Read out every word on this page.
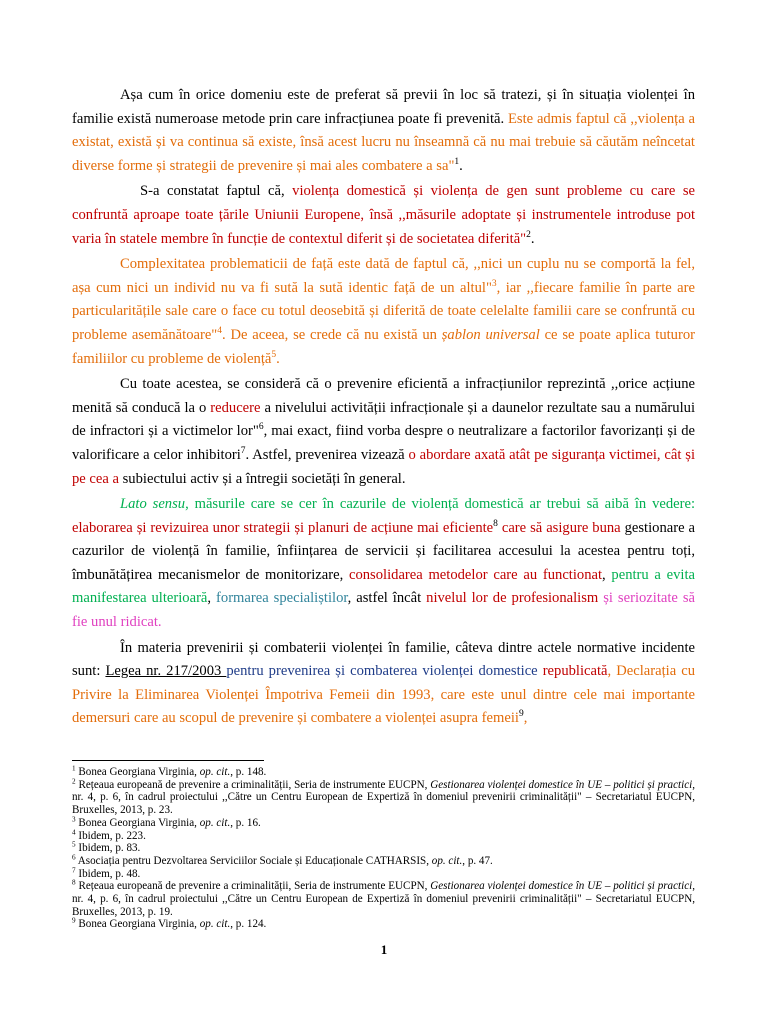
Așa cum în orice domeniu este de preferat să previi în loc să tratezi, și în situația violenței în familie există numeroase metode prin care infracțiunea poate fi prevenită. Este admis faptul că ,,violența a existat, există și va continua să existe, însă acest lucru nu înseamnă că nu mai trebuie să căutăm neîncetat diverse forme și strategii de prevenire și mai ales combatere a sa"$^1$.

S-a constatat faptul că, violența domestică și violența de gen sunt probleme cu care se confruntă aproape toate țările Uniunii Europene, însă ,,măsurile adoptate și instrumentele introduse pot varia în statele membre în funcție de contextul diferit și de societatea diferită"$^2$.

Complexitatea problematicii de față este dată de faptul că, ,,nici un cuplu nu se comportă la fel, așa cum nici un individ nu va fi sută la sută identic față de un altul"$^3$, iar ,,fiecare familie în parte are particularitățile sale care o face cu totul deosebită și diferită de toate celelalte familii care se confruntă cu probleme asemănătoare"$^4$. De aceea, se crede că nu există un șablon universal ce se poate aplica tuturor familiilor cu probleme de violență$^5$.

Cu toate acestea, se consideră că o prevenire eficientă a infracțiunilor reprezintă ,,orice acțiune menită să conducă la o reducere a nivelului activității infracționale și a daunelor rezultate sau a numărului de infractori și a victimelor lor"$^6$, mai exact, fiind vorba despre o neutralizare a factorilor favorizanți și de valorificare a celor inhibitori$^7$. Astfel, prevenirea vizează o abordare axată atât pe siguranța victimei, cât și pe cea a subiectului activ și a întregii societăți în general.

Lato sensu, măsurile care se cer în cazurile de violență domestică ar trebui să aibă în vedere: elaborarea și revizuirea unor strategii și planuri de acțiune mai eficiente$^8$ care să asigure buna gestionare a cazurilor de violență în familie, înființarea de servicii și facilitarea accesului la acestea pentru toți, îmbunătățirea mecanismelor de monitorizare, consolidarea metodelor care au functionat, pentru a evita manifestarea ulterioară, formarea specialiștilor, astfel încât nivelul lor de profesionalism și seriozitate să fie unul ridicat.

În materia prevenirii și combaterii violenței în familie, câteva dintre actele normative incidente sunt: Legea nr. 217/2003 pentru prevenirea și combaterea violenței domestice republicată, Declarația cu Privire la Eliminarea Violenței Împotriva Femeii din 1993, care este unul dintre cele mai importante demersuri care au scopul de prevenire și combatere a violenței asupra femeii$^9$,

$^1$ Bonea Georgiana Virginia, op. cit., p. 148.
$^2$ Rețeaua europeană de prevenire a criminalității, Seria de instrumente EUCPN, Gestionarea violenței domestice în UE – politici și practici, nr. 4, p. 6, în cadrul proiectului ,,Către un Centru European de Expertiză în domeniul prevenirii criminalității" – Secretariatul EUCPN, Bruxelles, 2013, p. 23.
$^3$ Bonea Georgiana Virginia, op. cit., p. 16.
$^4$ Ibidem, p. 223.
$^5$ Ibidem, p. 83.
$^6$ Asociația pentru Dezvoltarea Serviciilor Sociale și Educaționale CATHARSIS, op. cit., p. 47.
$^7$ Ibidem, p. 48.
$^8$ Rețeaua europeană de prevenire a criminalității, Seria de instrumente EUCPN, Gestionarea violenței domestice în UE – politici și practici, nr. 4, p. 6, în cadrul proiectului ,,Către un Centru European de Expertiză în domeniul prevenirii criminalității" – Secretariatul EUCPN, Bruxelles, 2013, p. 19.
$^9$ Bonea Georgiana Virginia, op. cit., p. 124.
1
